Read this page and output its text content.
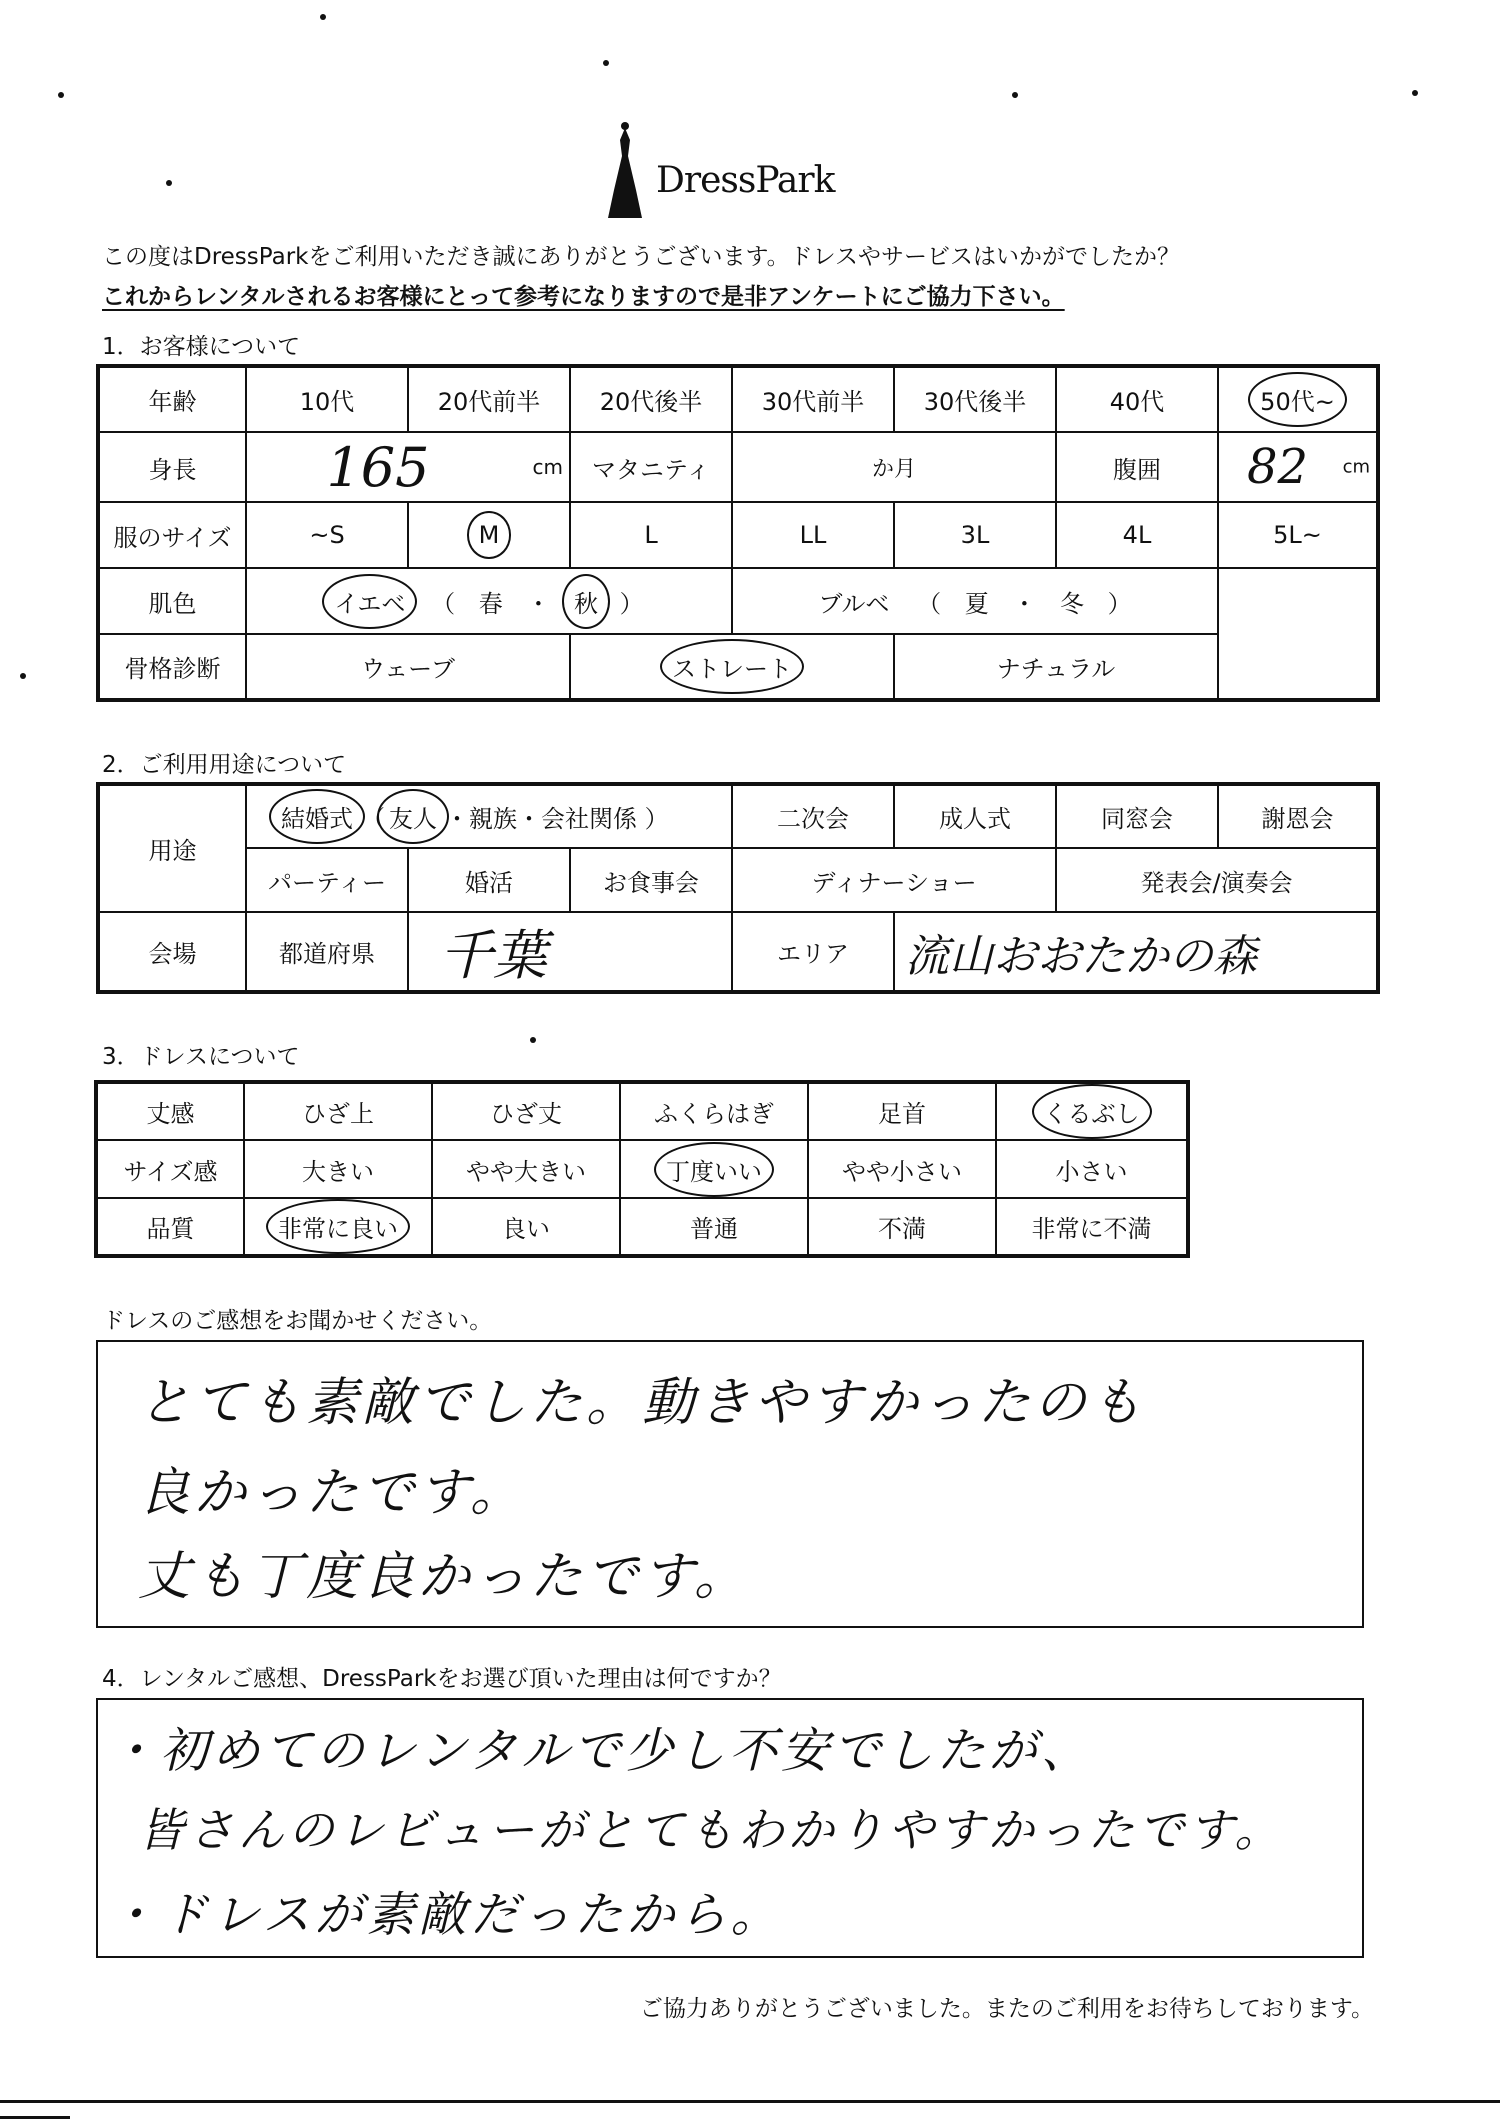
DressPark
この度はDressParkをご利用いただき誠にありがとうございます。ドレスやサービスはいかがでしたか？
これからレンタルされるお客様にとって参考になりますので是非アンケートにご協力下さい。
1．お客様について
年齢	10代	20代前半	20代後半	30代前半	30代後半	40代	50代~
身長	165 cm		マタニティ	か月		腹囲	82 cm

服のサイズ	~S	M	L	LL	3L	4L	5L~
肌色	イエベ （ 春 ・ 秋 ）			ブルベ （ 夏 ・ 冬 ）			
骨格診断	ウェーブ		ストレート		ナチュラル		
2．ご利用用途について
用途	結婚式 （ 友人 ・親族・会社関係 ）			二次会	成人式	同窓会	謝恩会
	パーティー	婚活	お食事会	ディナーショー		発表会/演奏会	
会場	都道府県	千葉		エリア	流山おおたかの森		
3．ドレスについて
丈感	ひざ上	ひざ丈	ふくらはぎ	足首	くるぶし
サイズ感	大きい	やや大きい	丁度いい	やや小さい	小さい
品質	非常に良い	良い	普通	不満	非常に不満
ドレスのご感想をお聞かせください。
とても素敵でした。動きやすかったのも
良かったです。
丈も丁度良かったです。
4．レンタルご感想、DressParkをお選び頂いた理由は何ですか？
・初めてのレンタルで少し不安でしたが、
皆さんのレビューがとてもわかりやすかったです。
・ドレスが素敵だったから。
ご協力ありがとうございました。またのご利用をお待ちしております。
